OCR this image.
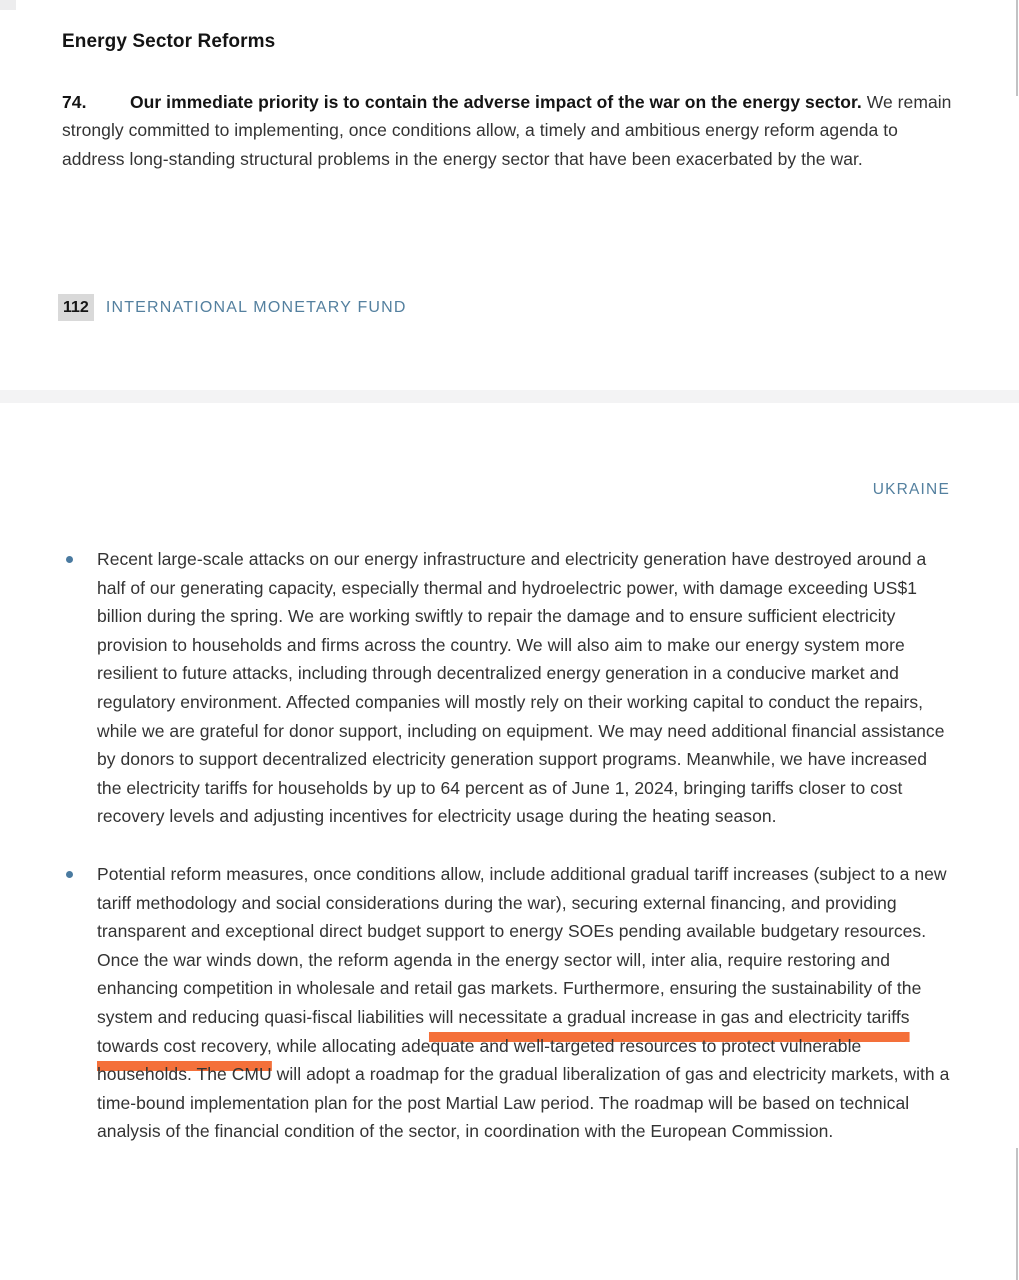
Energy Sector Reforms

74. Our immediate priority is to contain the adverse impact of the war on the energy sector. We remain strongly committed to implementing, once conditions allow, a timely and ambitious energy reform agenda to address long-standing structural problems in the energy sector that have been exacerbated by the war.

112	INTERNATIONAL MONETARY FUND
UKRAINE
Recent large-scale attacks on our energy infrastructure and electricity generation have destroyed around a half of our generating capacity, especially thermal and hydroelectric power, with damage exceeding US$1 billion during the spring. We are working swiftly to repair the damage and to ensure sufficient electricity provision to households and firms across the country. We will also aim to make our energy system more resilient to future attacks, including through decentralized energy generation in a conducive market and regulatory environment. Affected companies will mostly rely on their working capital to conduct the repairs, while we are grateful for donor support, including on equipment. We may need additional financial assistance by donors to support decentralized electricity generation support programs. Meanwhile, we have increased the electricity tariffs for households by up to 64 percent as of June 1, 2024, bringing tariffs closer to cost recovery levels and adjusting incentives for electricity usage during the heating season.
Potential reform measures, once conditions allow, include additional gradual tariff increases (subject to a new tariff methodology and social considerations during the war), securing external financing, and providing transparent and exceptional direct budget support to energy SOEs pending available budgetary resources. Once the war winds down, the reform agenda in the energy sector will, inter alia, require restoring and enhancing competition in wholesale and retail gas markets. Furthermore, ensuring the sustainability of the system and reducing quasi-fiscal liabilities will necessitate a gradual increase in gas and electricity tariffs towards cost recovery, while allocating adequate and well-targeted resources to protect vulnerable households. The CMU will adopt a roadmap for the gradual liberalization of gas and electricity markets, with a time-bound implementation plan for the post Martial Law period. The roadmap will be based on technical analysis of the financial condition of the sector, in coordination with the European Commission.
